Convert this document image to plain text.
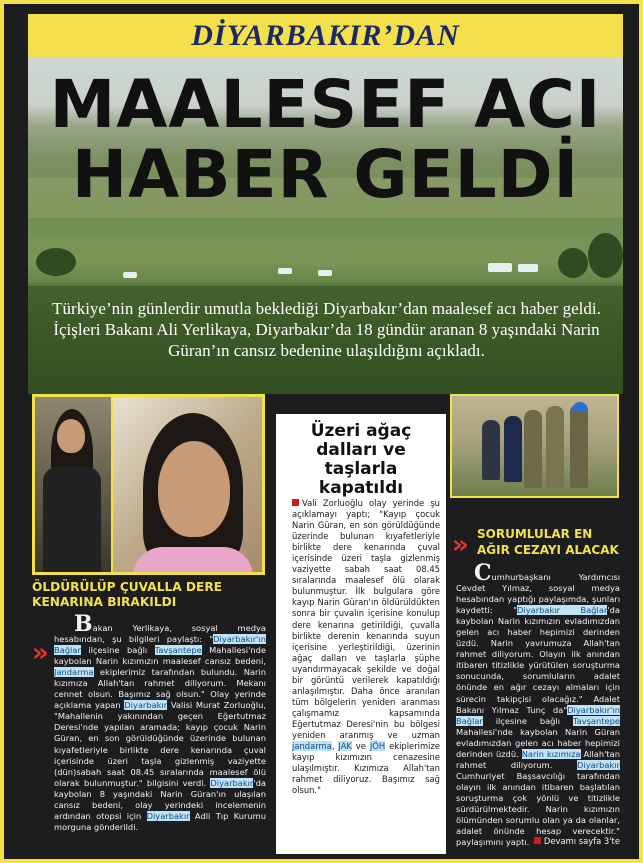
DİYARBAKIR’DAN
MAALESEF ACI
HABER GELDİ
Türkiye’nin günlerdir umutla beklediği Diyarbakır’dan maalesef acı haber geldi. İçişleri Bakanı Ali Yerlikaya, Diyarbakır’da 18 gündür aranan 8 yaşındaki Narin Güran’ın cansız bedenine ulaşıldığını açıkladı.
Üzeri ağaç dalları ve taşlarla kapatıldı
Vali Zorluoğlu olay yerinde şu açıklamayı yaptı; "Kayıp çocuk Narin Güran, en son görüldüğünde üzerinde bulunan kıyafetleriyle birlikte dere kenarında çuval içerisinde üzeri taşla gizlenmiş vaziyette sabah saat 08.45 sıralarında maalesef ölü olarak bulunmuştur. İlk bulgulara göre kayıp Narin Güran'ın öldürüldükten sonra bir çuvalın içerisine konulup dere kenarına getirildiği, çuvalla birlikte derenin kenarında suyun içerisine yerleştirildiği, üzerinin ağaç dalları ve taşlarla şüphe uyandırmayacak şekilde ve doğal bir görüntü verilerek kapatıldığı anlaşılmıştır. Daha önce aranılan tüm bölgelerin yeniden aranması çalışmamız kapsamında Eğertutmaz Deresi'nin bu bölgesi yeniden aranmış ve uzman jandarma, JAK ve JÖH ekiplerimize kayıp kızımızın cenazesine ulaşılmıştır. Kızımıza Allah'tan rahmet diliyoruz. Başımız sağ olsun."
ÖLDÜRÜLÜP ÇUVALLA DERE KENARINA BIRAKILDI
»
Bakan Yerlikaya, sosyal medya hesabından, şu bilgileri paylaştı: "Diyarbakır'ın Bağlar ilçesine bağlı Tavşantepe Mahallesi'nde kaybolan Narin kızımızın maalesef cansız bedeni, Jandarma ekiplerimiz tarafından bulundu. Narin kızımıza Allah'tan rahmet diliyorum. Mekanı cennet olsun. Başımız sağ olsun." Olay yerinde açıklama yapan Diyarbakır Valisi Murat Zorluoğlu, "Mahallenin yakınından geçen Eğertutmaz Deresi'nde yapılan aramada; kayıp çocuk Narin Güran, en son görüldüğünde üzerinde bulunan kıyafetleriyle birlikte dere kenarında çuval içerisinde üzeri taşla gizlenmiş vaziyette (dün)sabah saat 08.45 sıralarında maalesef ölü olarak bulunmuştur." bilgisini verdi. Diyarbakır'da kaybolan 8 yaşındaki Narin Güran'ın ulaşılan cansız bedeni, olay yerindeki incelemenin ardından otopsi için Diyarbakır Adli Tıp Kurumu morguna gönderildi.
» SORUMLULAR EN AĞIR CEZAYI ALACAK
Cumhurbaşkanı Yardımcısı Cevdet Yılmaz, sosyal medya hesabından yaptığı paylaşımda, şunları kaydetti: "Diyarbakır Bağlar'da kaybolan Narin kızımızın evladımızdan gelen acı haber hepimizi derinden üzdü. Narin yavrumuza Allah'tan rahmet diliyorum. Olayın ilk anından itibaren titizlikle yürütülen soruşturma sonucunda, sorumluların adalet önünde en ağır cezayı almaları için sürecin takipçisi olacağız." Adalet Bakanı Yılmaz Tunç da"Diyarbakır'ın Bağlar ilçesine bağlı Tavşantepe Mahallesi'nde kaybolan Narin Güran evladımızdan gelen acı haber hepimizi derinden üzdü. Narin kızımıza Allah'tan rahmet diliyorum. Diyarbakır Cumhuriyet Başsavcılığı tarafından olayın ilk anından itibaren başlatılan soruşturma çok yönlü ve titizlikle sürdürülmektedir. Narin kızımızın ölümünden sorumlu olan ya da olanlar, adalet önünde hesap verecektir." paylaşımını yaptı.	Devamı sayfa 3'te
